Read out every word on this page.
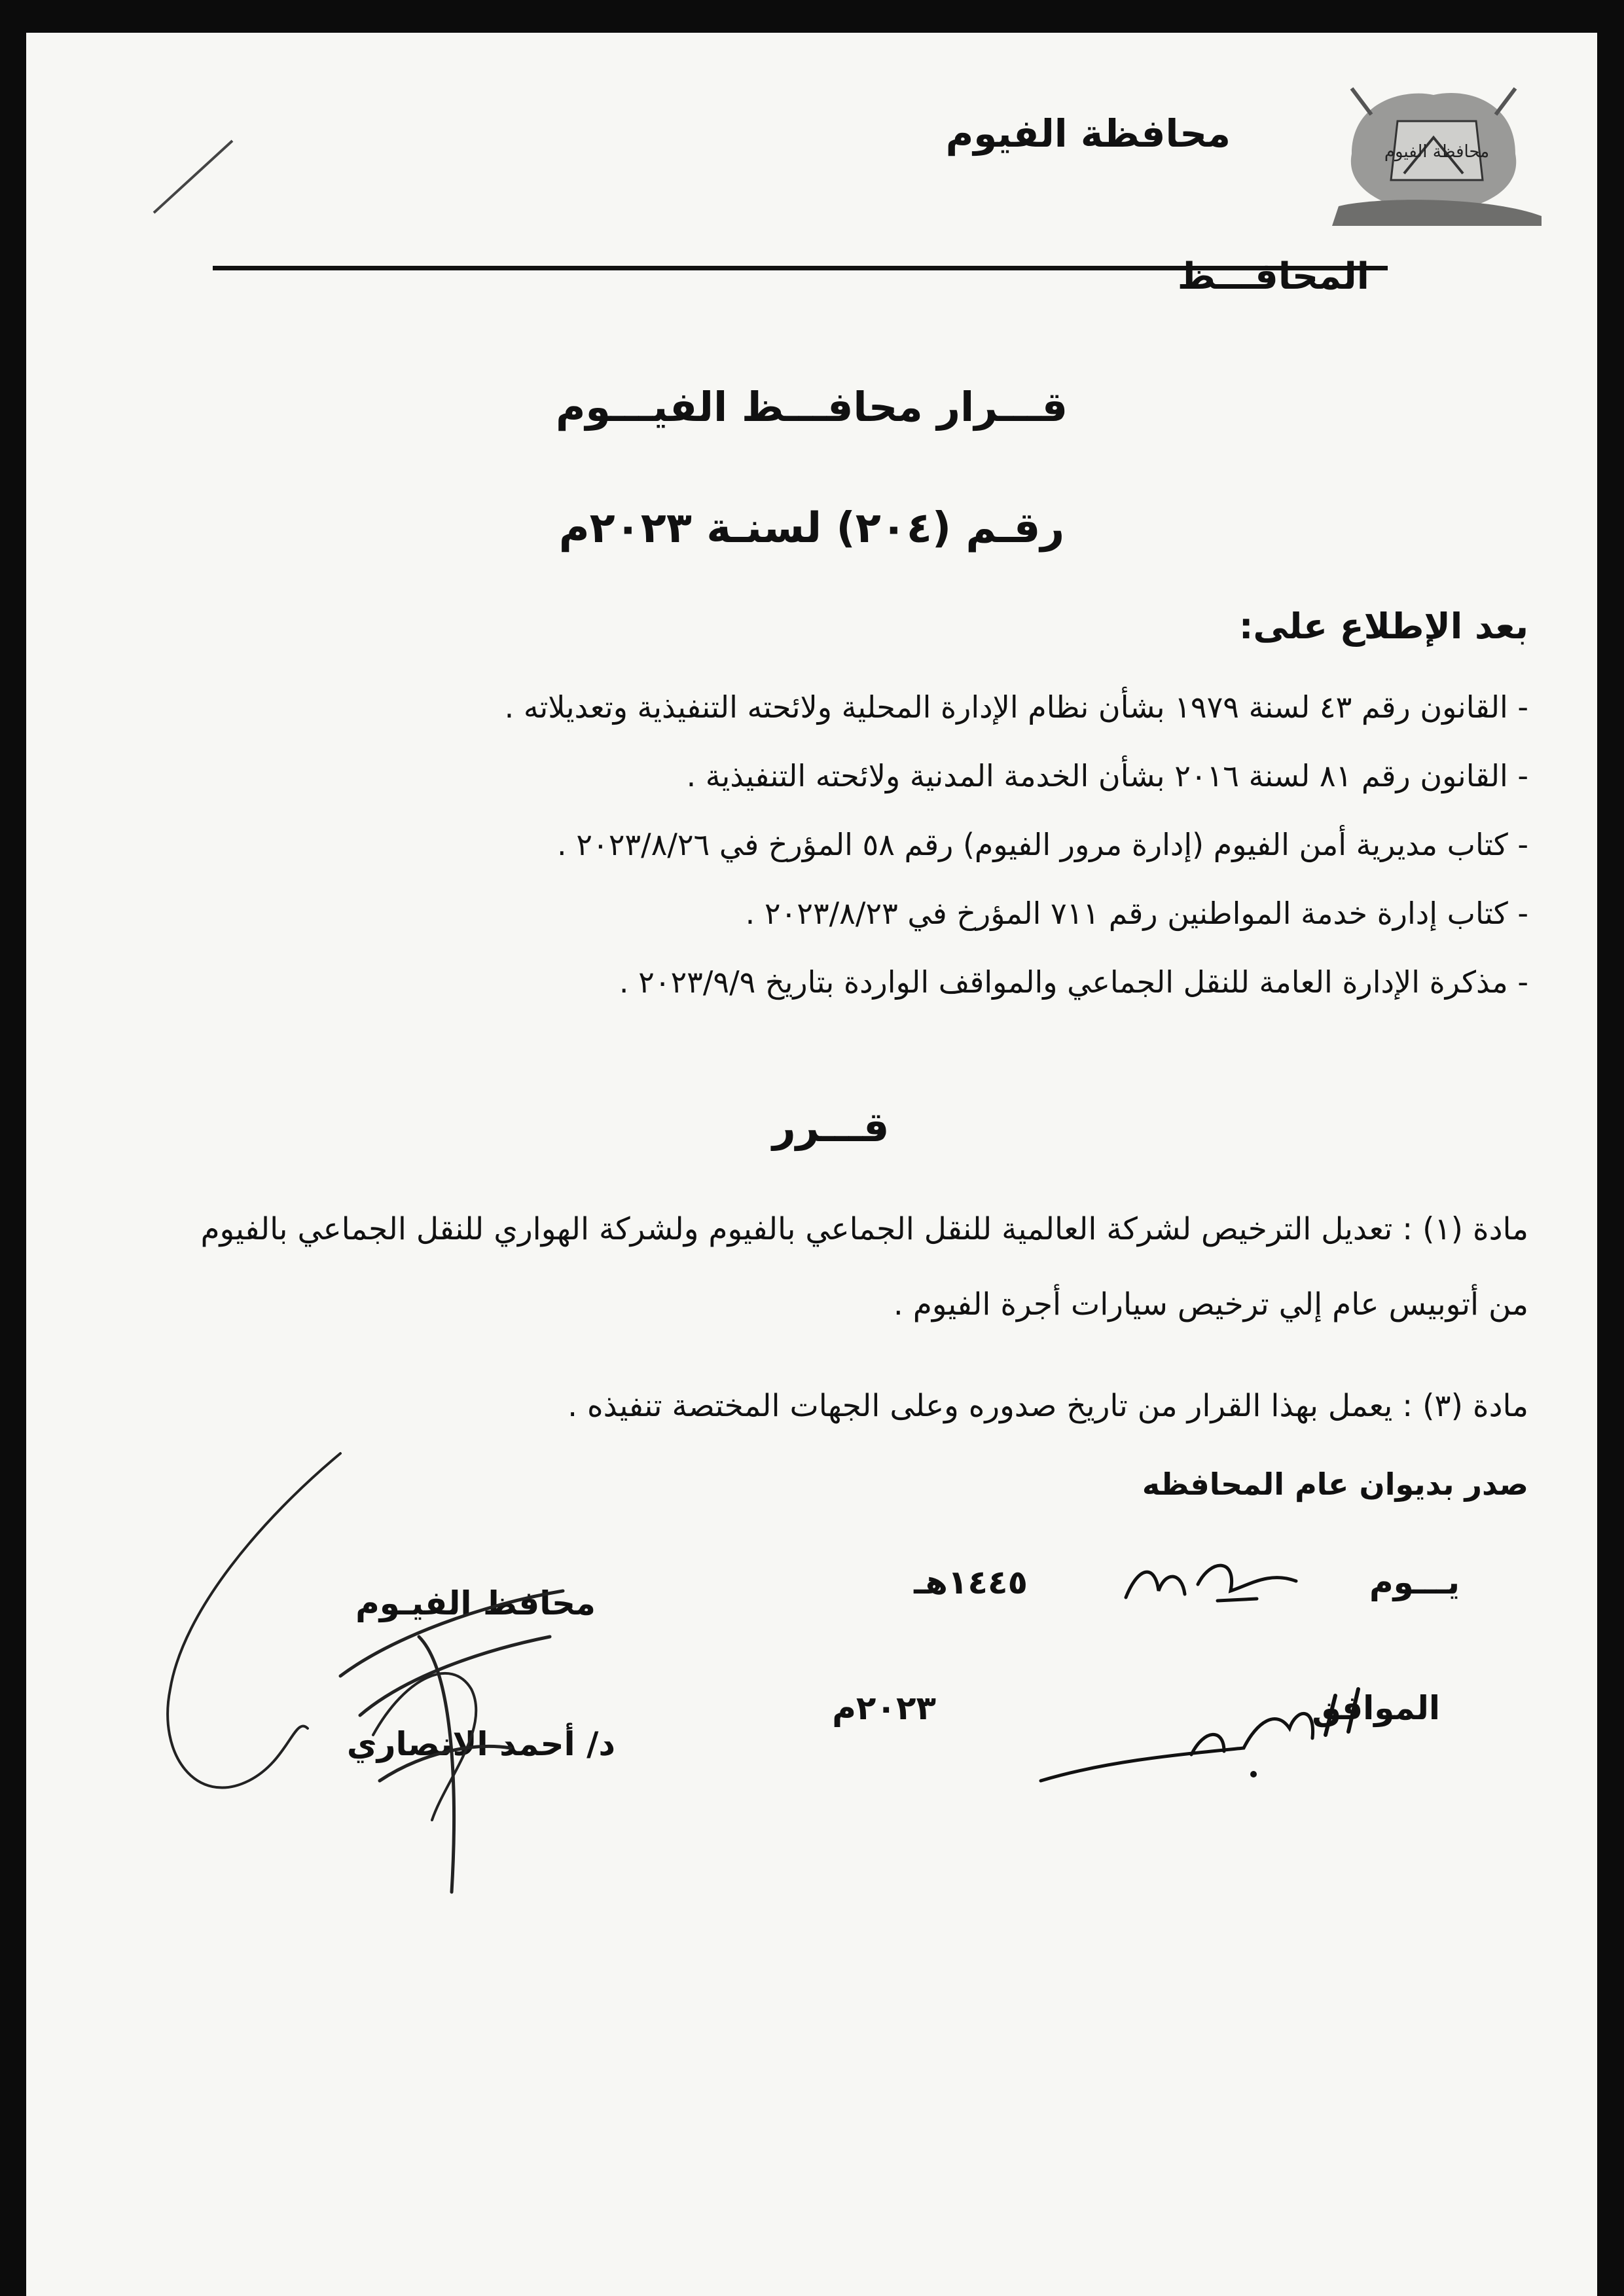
محافظة الفيوم
محافظة الفيوم
المحافـــظ
قـــرار محافـــظ الفيـــوم
رقـم (٢٠٤) لسنـة ٢٠٢٣م
بعد الإطلاع على:
- القانون رقم ٤٣ لسنة ١٩٧٩ بشأن نظام الإدارة المحلية ولائحته التنفيذية وتعديلاته .
- القانون رقم ٨١ لسنة ٢٠١٦ بشأن الخدمة المدنية ولائحته التنفيذية .
- كتاب مديرية أمن الفيوم (إدارة مرور الفيوم) رقم ٥٨ المؤرخ في ٢٠٢٣/٨/٢٦ .
- كتاب إدارة خدمة المواطنين رقم ٧١١ المؤرخ في ٢٠٢٣/٨/٢٣ .
- مذكرة الإدارة العامة للنقل الجماعي والمواقف الواردة بتاريخ ٢٠٢٣/٩/٩ .
قـــرر
مادة (١) : تعديل الترخيص لشركة العالمية للنقل الجماعي بالفيوم ولشركة الهواري للنقل الجماعي بالفيوم من أتوبيس عام إلي ترخيص سيارات أجرة الفيوم .
مادة (٣) : يعمل بهذا القرار من تاريخ صدوره وعلى الجهات المختصة تنفيذه .
صدر بديوان عام المحافظه
يـــوم
١٤٤٥هـ
الموافق
٢٠٢٣م
محافظ الفيـوم
د/ أحمد الانصاري
